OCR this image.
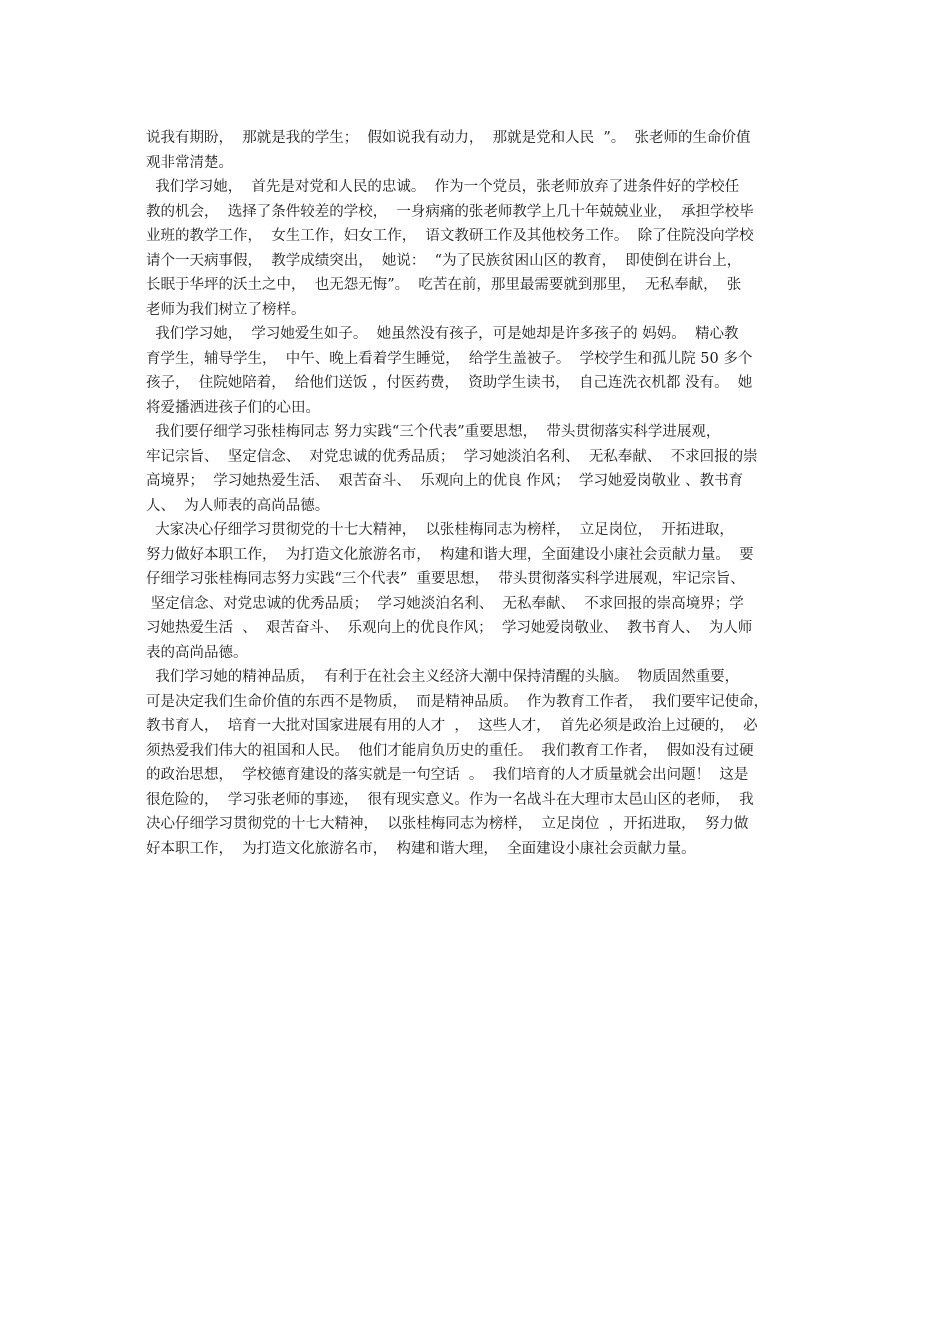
说我有期盼，  那就是我的学生；  假如说我有动力，  那就是党和人民  ”。  张老师的生命价值
观非常清楚。
我们学习她，  首先是对党和人民的忠诚。  作为一个党员，张老师放弃了进条件好的学校任
教的机会，  选择了条件较差的学校，  一身病痛的张老师教学上几十年兢兢业业，  承担学校毕
业班的教学工作，  女生工作，妇女工作，  语文教研工作及其他校务工作。  除了住院没向学校
请个一天病事假，  教学成绩突出，  她说：  “为了民族贫困山区的教育，  即使倒在讲台上，
长眠于华坪的沃土之中，  也无怨无悔”。  吃苦在前，那里最需要就到那里，  无私奉献，  张
老师为我们树立了榜样。
我们学习她，  学习她爱生如子。  她虽然没有孩子，可是她却是许多孩子的 妈妈。  精心教
育学生，辅导学生，  中午、晚上看着学生睡觉，  给学生盖被子。  学校学生和孤儿院 50 多个
孩子，  住院她陪着，  给他们送饭 ，付医药费，  资助学生读书，  自己连洗衣机都 没有。  她
将爱播洒进孩子们的心田。
我们要仔细学习张桂梅同志 努力实践“三个代表”重要思想，  带头贯彻落实科学进展观，
牢记宗旨、  坚定信念、  对党忠诚的优秀品质；  学习她淡泊名利、  无私奉献、  不求回报的崇
高境界；  学习她热爱生活、  艰苦奋斗、  乐观向上的优良 作风；  学习她爱岗敬业 、教书育
人、  为人师表的高尚品德。
大家决心仔细学习贯彻党的十七大精神，  以张桂梅同志为榜样，  立足岗位，  开拓进取，
努力做好本职工作，  为打造文化旅游名市，  构建和谐大理，全面建设小康社会贡献力量。  要
仔细学习张桂梅同志努力实践“三个代表”  重要思想，  带头贯彻落实科学进展观，牢记宗旨、
坚定信念、对党忠诚的优秀品质；  学习她淡泊名利、  无私奉献、  不求回报的崇高境界；学
习她热爱生活  、  艰苦奋斗、  乐观向上的优良作风；  学习她爱岗敬业、  教书育人、  为人师
表的高尚品德。
我们学习她的精神品质，  有利于在社会主义经济大潮中保持清醒的头脑。  物质固然重要，
可是决定我们生命价值的东西不是物质，  而是精神品质。  作为教育工作者，  我们要牢记使命，
教书育人，  培育一大批对国家进展有用的人才  ，  这些人才，  首先必须是政治上过硬的，  必
须热爱我们伟大的祖国和人民。  他们才能肩负历史的重任。  我们教育工作者，  假如没有过硬
的政治思想，  学校德育建设的落实就是一句空话  。  我们培育的人才质量就会出问题！  这是
很危险的，  学习张老师的事迹，  很有现实意义。作为一名战斗在大理市太邑山区的老师，  我
决心仔细学习贯彻党的十七大精神，  以张桂梅同志为榜样，  立足岗位  ，开拓进取，  努力做
好本职工作，  为打造文化旅游名市，  构建和谐大理，  全面建设小康社会贡献力量。
